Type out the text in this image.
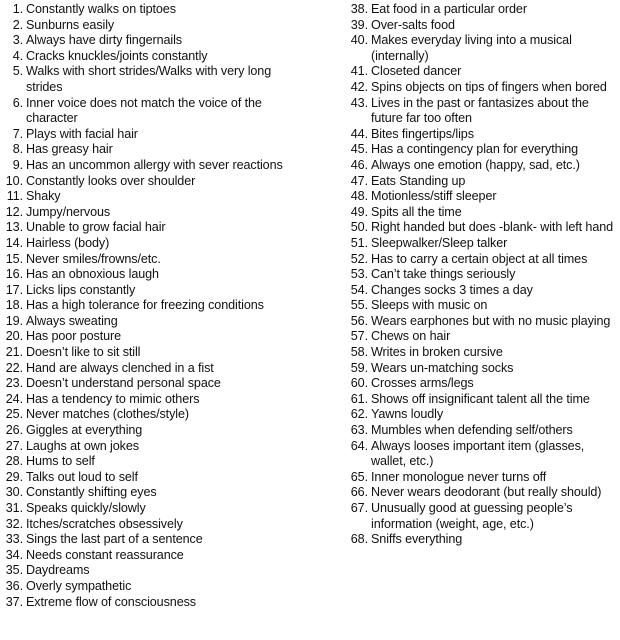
1. Constantly walks on tiptoes
2. Sunburns easily
3. Always have dirty fingernails
4. Cracks knuckles/joints constantly
5. Walks with short strides/Walks with very long strides
6. Inner voice does not match the voice of the character
7. Plays with facial hair
8. Has greasy hair
9. Has an uncommon allergy with sever reactions
10. Constantly looks over shoulder
11. Shaky
12. Jumpy/nervous
13. Unable to grow facial hair
14. Hairless (body)
15. Never smiles/frowns/etc.
16. Has an obnoxious laugh
17. Licks lips constantly
18. Has a high tolerance for freezing conditions
19. Always sweating
20. Has poor posture
21. Doesn’t like to sit still
22. Hand are always clenched in a fist
23. Doesn’t understand personal space
24. Has a tendency to mimic others
25. Never matches (clothes/style)
26. Giggles at everything
27. Laughs at own jokes
28. Hums to self
29. Talks out loud to self
30. Constantly shifting eyes
31. Speaks quickly/slowly
32. Itches/scratches obsessively
33. Sings the last part of a sentence
34. Needs constant reassurance
35. Daydreams
36. Overly sympathetic
37. Extreme flow of consciousness
38. Eat food in a particular order
39. Over-salts food
40. Makes everyday living into a musical (internally)
41. Closeted dancer
42. Spins objects on tips of fingers when bored
43. Lives in the past or fantasizes about the future far too often
44. Bites fingertips/lips
45. Has a contingency plan for everything
46. Always one emotion (happy, sad, etc.)
47. Eats Standing up
48. Motionless/stiff sleeper
49. Spits all the time
50. Right handed but does -blank- with left hand
51. Sleepwalker/Sleep talker
52. Has to carry a certain object at all times
53. Can’t take things seriously
54. Changes socks 3 times a day
55. Sleeps with music on
56. Wears earphones but with no music playing
57. Chews on hair
58. Writes in broken cursive
59. Wears un-matching socks
60. Crosses arms/legs
61. Shows off insignificant talent all the time
62. Yawns loudly
63. Mumbles when defending self/others
64. Always looses important item (glasses, wallet, etc.)
65. Inner monologue never turns off
66. Never wears deodorant (but really should)
67. Unusually good at guessing people’s information (weight, age, etc.)
68. Sniffs everything
